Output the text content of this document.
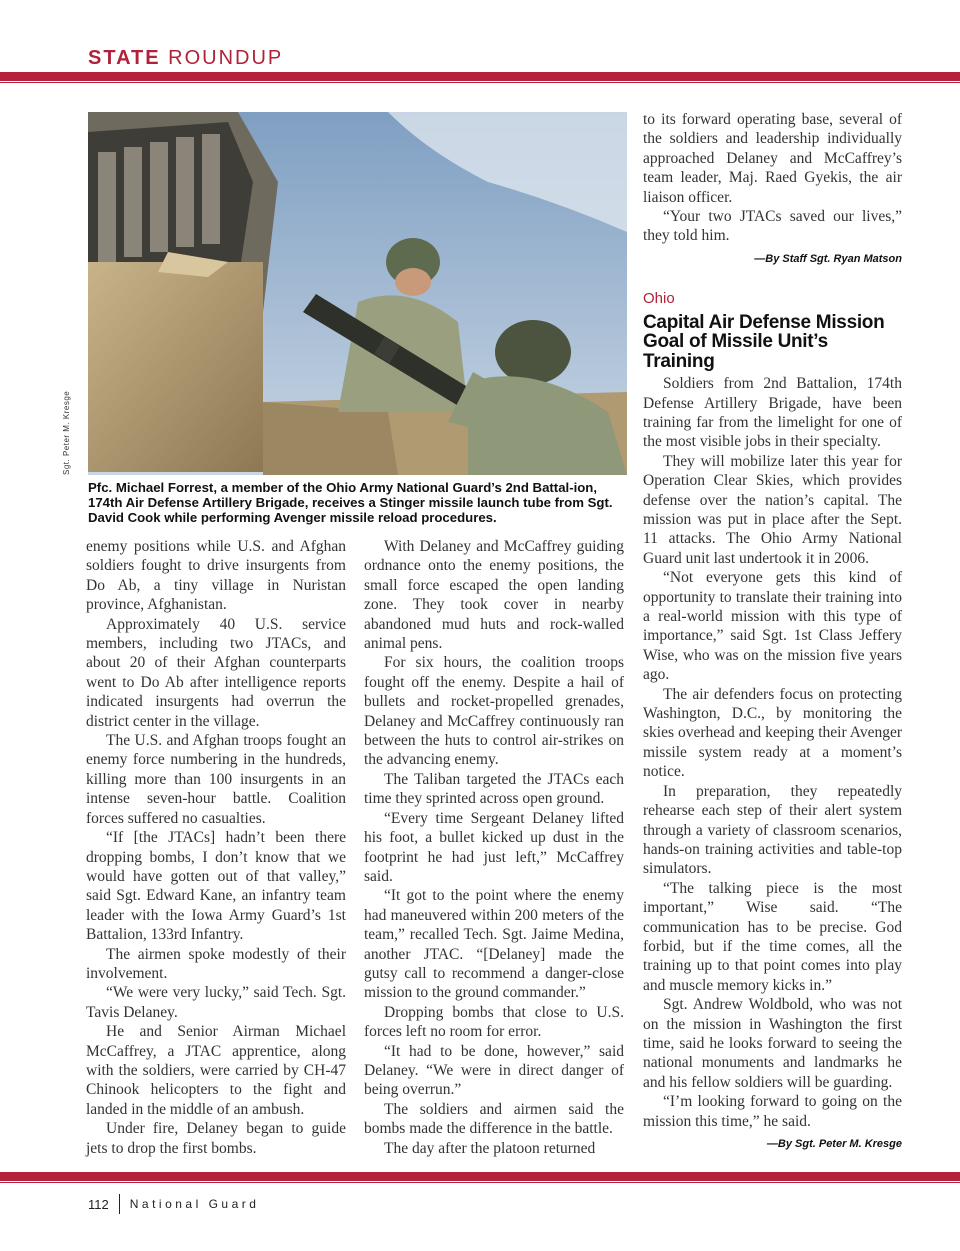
STATE ROUNDUP
Sgt. Peter M. Kresge
Pfc. Michael Forrest, a member of the Ohio Army National Guard’s 2nd Battal-ion, 174th Air Defense Artillery Brigade, receives a Stinger missile launch tube from Sgt. David Cook while performing Avenger missile reload procedures.

enemy positions while U.S. and Afghan soldiers fought to drive insurgents from Do Ab, a tiny village in Nuristan province, Afghanistan.

Approximately 40 U.S. service members, including two JTACs, and about 20 of their Afghan counterparts went to Do Ab after intelligence reports indicated insurgents had overrun the district center in the village.

The U.S. and Afghan troops fought an enemy force numbering in the hundreds, killing more than 100 insurgents in an intense seven-hour battle. Coalition forces suffered no casualties.

“If [the JTACs] hadn’t been there dropping bombs, I don’t know that we would have gotten out of that valley,” said Sgt. Edward Kane, an infantry team leader with the Iowa Army Guard’s 1st Battalion, 133rd Infantry.

The airmen spoke modestly of their involvement.

“We were very lucky,” said Tech. Sgt. Tavis Delaney.

He and Senior Airman Michael McCaffrey, a JTAC apprentice, along with the soldiers, were carried by CH-47 Chinook helicopters to the fight and landed in the middle of an ambush.

Under fire, Delaney began to guide jets to drop the first bombs.

With Delaney and McCaffrey guiding ordnance onto the enemy positions, the small force escaped the open landing zone. They took cover in nearby abandoned mud huts and rock-walled animal pens.

For six hours, the coalition troops fought off the enemy. Despite a hail of bullets and rocket-propelled grenades, Delaney and McCaffrey continuously ran between the huts to control air-strikes on the advancing enemy.

The Taliban targeted the JTACs each time they sprinted across open ground.

“Every time Sergeant Delaney lifted his foot, a bullet kicked up dust in the footprint he had just left,” McCaffrey said.

“It got to the point where the enemy had maneuvered within 200 meters of the team,” recalled Tech. Sgt. Jaime Medina, another JTAC. “[Delaney] made the gutsy call to recommend a danger-close mission to the ground commander.”

Dropping bombs that close to U.S. forces left no room for error.

“It had to be done, however,” said Delaney. “We were in direct danger of being overrun.”

The soldiers and airmen said the bombs made the difference in the battle.

The day after the platoon returned

to its forward operating base, several of the soldiers and leadership individually approached Delaney and McCaffrey’s team leader, Maj. Raed Gyekis, the air liaison officer.

“Your two JTACs saved our lives,” they told him.

—By Staff Sgt. Ryan Matson
Ohio
Capital Air Defense Mission Goal of Missile Unit’s Training

Soldiers from 2nd Battalion, 174th Defense Artillery Brigade, have been training far from the limelight for one of the most visible jobs in their specialty.

They will mobilize later this year for Operation Clear Skies, which provides defense over the nation’s capital. The mission was put in place after the Sept. 11 attacks. The Ohio Army National Guard unit last undertook it in 2006.

“Not everyone gets this kind of opportunity to translate their training into a real-world mission with this type of importance,” said Sgt. 1st Class Jeffery Wise, who was on the mission five years ago.

The air defenders focus on protecting Washington, D.C., by monitoring the skies overhead and keeping their Avenger missile system ready at a moment’s notice.

In preparation, they repeatedly rehearse each step of their alert system through a variety of classroom scenarios, hands-on training activities and table-top simulators.

“The talking piece is the most important,” Wise said. “The communication has to be precise. God forbid, but if the time comes, all the training up to that point comes into play and muscle memory kicks in.”

Sgt. Andrew Woldbold, who was not on the mission in Washington the first time, said he looks forward to seeing the national monuments and landmarks he and his fellow soldiers will be guarding.

“I’m looking forward to going on the mission this time,” he said.

—By Sgt. Peter M. Kresge
112 National Guard
